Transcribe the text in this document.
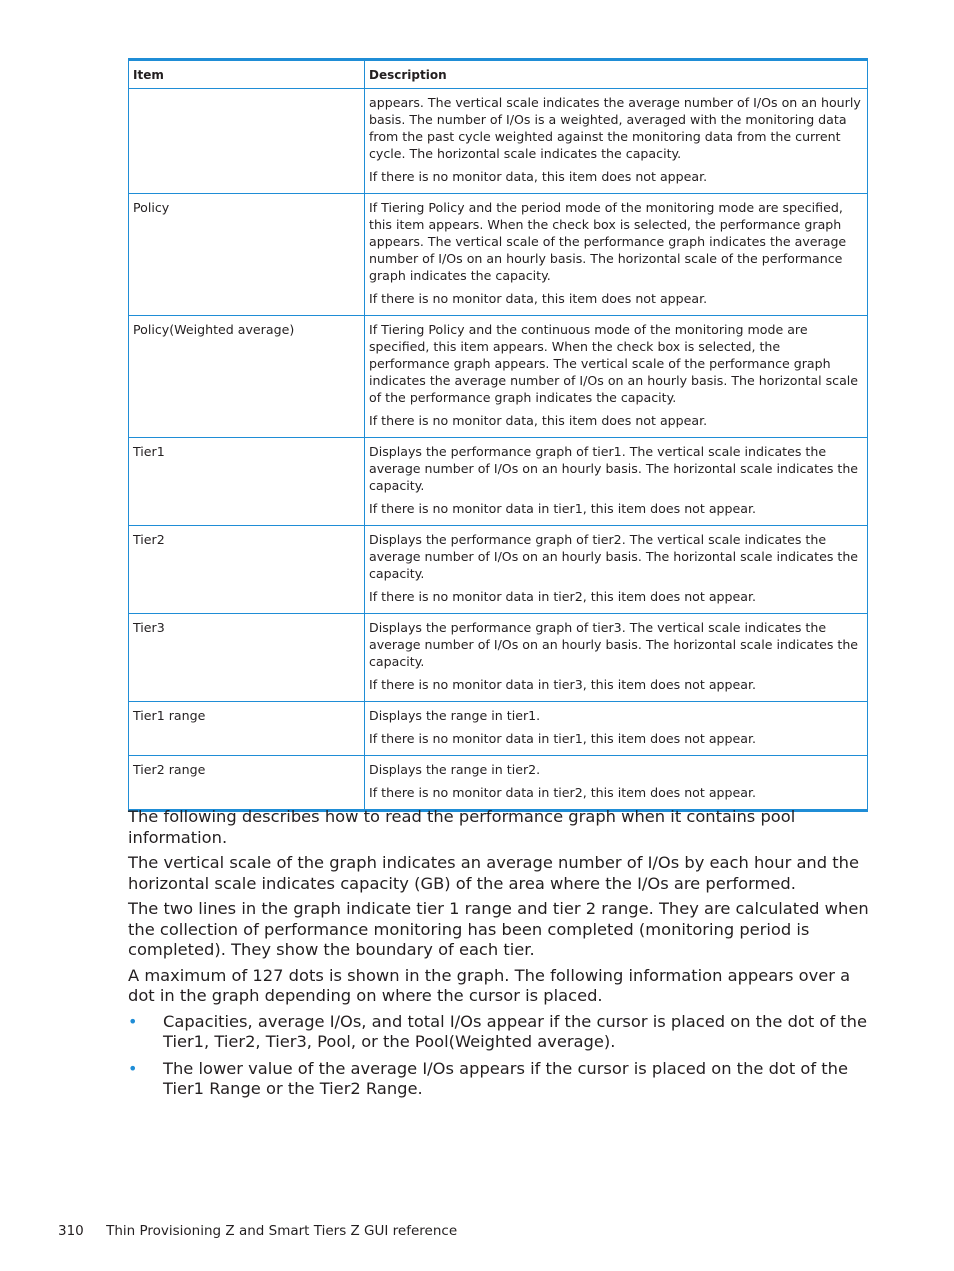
Item	Description

	appears. The vertical scale indicates the average number of I/Os on an hourly basis. The number of I/Os is a weighted, averaged with the monitoring data from the past cycle weighted against the monitoring data from the current cycle. The horizontal scale indicates the capacity.

If there is no monitor data, this item does not appear.

Policy	If Tiering Policy and the period mode of the monitoring mode are specified, this item appears. When the check box is selected, the performance graph appears. The vertical scale of the performance graph indicates the average number of I/Os on an hourly basis. The horizontal scale of the performance graph indicates the capacity.

If there is no monitor data, this item does not appear.

Policy(Weighted average)	If Tiering Policy and the continuous mode of the monitoring mode are specified, this item appears. When the check box is selected, the performance graph appears. The vertical scale of the performance graph indicates the average number of I/Os on an hourly basis. The horizontal scale of the performance graph indicates the capacity.

If there is no monitor data, this item does not appear.

Tier1	Displays the performance graph of tier1. The vertical scale indicates the average number of I/Os on an hourly basis. The horizontal scale indicates the capacity.

If there is no monitor data in tier1, this item does not appear.

Tier2	Displays the performance graph of tier2. The vertical scale indicates the average number of I/Os on an hourly basis. The horizontal scale indicates the capacity.

If there is no monitor data in tier2, this item does not appear.

Tier3	Displays the performance graph of tier3. The vertical scale indicates the average number of I/Os on an hourly basis. The horizontal scale indicates the capacity.

If there is no monitor data in tier3, this item does not appear.

Tier1 range	Displays the range in tier1.

If there is no monitor data in tier1, this item does not appear.

Tier2 range	Displays the range in tier2.

If there is no monitor data in tier2, this item does not appear.

The following describes how to read the performance graph when it contains pool information.

The vertical scale of the graph indicates an average number of I/Os by each hour and the horizontal scale indicates capacity (GB) of the area where the I/Os are performed.

The two lines in the graph indicate tier 1 range and tier 2 range. They are calculated when the collection of performance monitoring has been completed (monitoring period is completed). They show the boundary of each tier.

A maximum of 127 dots is shown in the graph. The following information appears over a dot in the graph depending on where the cursor is placed.

• Capacities, average I/Os, and total I/Os appear if the cursor is placed on the dot of the Tier1, Tier2, Tier3, Pool, or the Pool(Weighted average).
• The lower value of the average I/Os appears if the cursor is placed on the dot of the Tier1 Range or the Tier2 Range.
310 Thin Provisioning Z and Smart Tiers Z GUI reference
